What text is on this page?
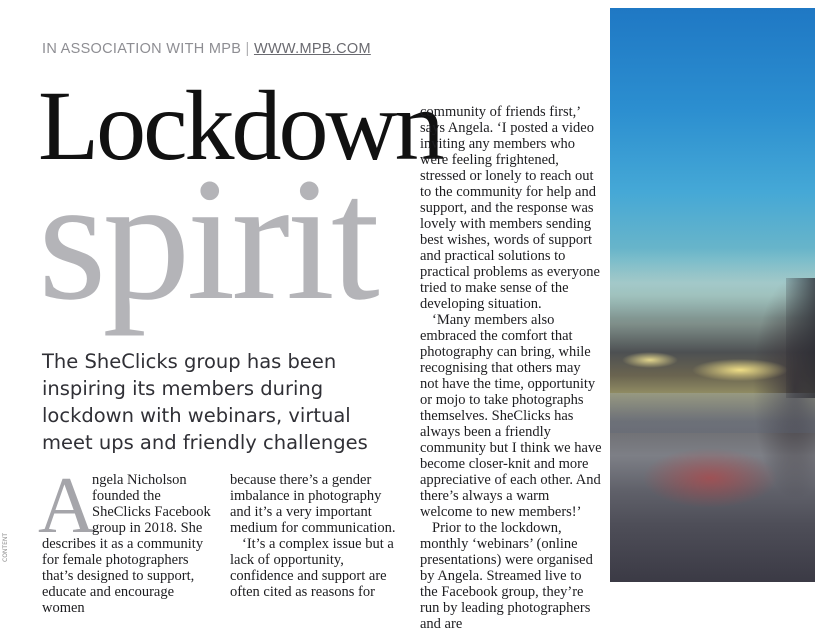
IN ASSOCIATION WITH MPB | WWW.MPB.COM
Lockdown
spirit

The SheClicks group has been inspiring its members during lockdown with webinars, virtual meet ups and friendly challenges

A
ngela Nicholson
founded the
SheClicks Facebook
group in 2018. She
describes it as a community
for female photographers
that’s designed to support,
educate and encourage women

because there’s a gender imbalance in photography and it’s a very important medium for communication.

‘It’s a complex issue but a lack of opportunity, confidence and support are often cited as reasons for

community of friends first,’ says Angela. ‘I posted a video inviting any members who were feeling frightened, stressed or lonely to reach out to the community for help and support, and the response was lovely with members sending best wishes, words of support and practical solutions to practical problems as everyone tried to make sense of the developing situation.

‘Many members also embraced the comfort that photography can bring, while recognising that others may not have the time, opportunity or mojo to take photographs themselves. SheClicks has always been a friendly community but I think we have become closer-knit and more appreciative of each other. And there’s always a warm welcome to new members!’

Prior to the lockdown, monthly ‘webinars’ (online presentations) were organised by Angela. Streamed live to the Facebook group, they’re run by leading photographers and are

CONTENT
